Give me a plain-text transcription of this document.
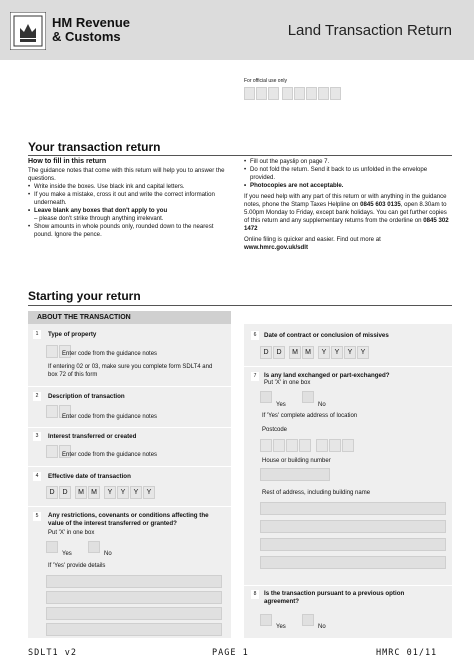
HM Revenue
& Customs	Land Transaction Return
For official use only
Your transaction return
How to fill in this return
The guidance notes that come with this return will help you to answer the questions.
• Write inside the boxes. Use black ink and capital letters.
• If you make a mistake, cross it out and write the correct information underneath.
• Leave blank any boxes that don't apply to you
– please don't strike through anything irrelevant.
• Show amounts in whole pounds only, rounded down to the nearest pound. Ignore the pence.
• Fill out the payslip on page 7.
• Do not fold the return. Send it back to us unfolded in the envelope provided.
• Photocopies are not acceptable.

If you need help with any part of this return or with anything in the guidance notes, phone the Stamp Taxes Helpline on 0845 603 0135, open 8.30am to 5.00pm Monday to Friday, except bank holidays. You can get further copies of this return and any supplementary returns from the orderline on 0845 302 1472

Online filing is quicker and easier. Find out more at
www.hmrc.gov.uk/sdlt

Starting your return
ABOUT THE TRANSACTION
1	Type of property
Enter code from the guidance notes
If entering 02 or 03, make sure you complete form SDLT4 and box 72 of this form
2	Description of transaction
Enter code from the guidance notes
3	Interest transferred or created
Enter code from the guidance notes
4	Effective date of transaction
D	D	M	M	Y	Y	Y	Y
5	Any restrictions, covenants or conditions affecting the value of the interest transferred or granted?
Put 'X' in one box
Yes	No
If 'Yes' provide details
6	Date of contract or conclusion of missives
D	D	M	M	Y	Y	Y	Y
7	Is any land exchanged or part-exchanged?
Put 'X' in one box
Yes	No
If 'Yes' complete address of location
Postcode
House or building number
Rest of address, including building name
8	Is the transaction pursuant to a previous option agreement?
Yes	No
SDLT1 v2	PAGE 1	HMRC 01/11
